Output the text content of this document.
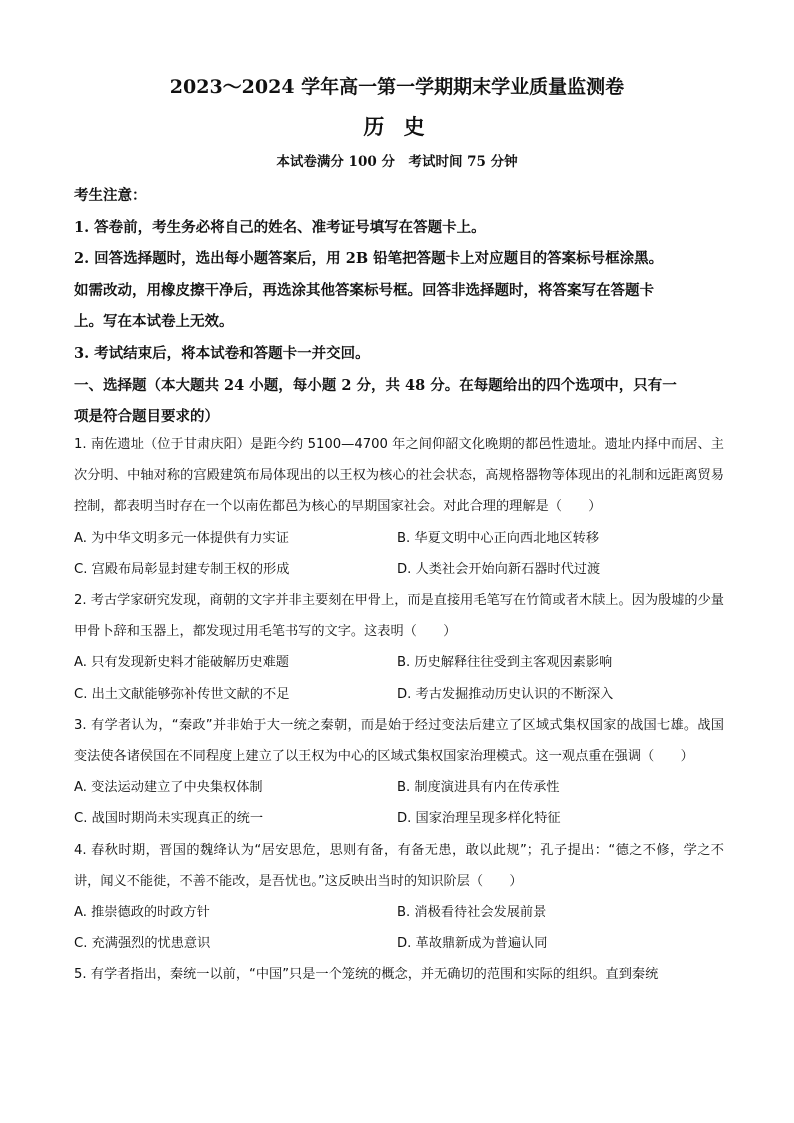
2023～2024 学年高一第一学期期末学业质量监测卷
历 史
本试卷满分 100 分　考试时间 75 分钟
考生注意：
1. 答卷前，考生务必将自己的姓名、准考证号填写在答题卡上。
2. 回答选择题时，选出每小题答案后，用 2B 铅笔把答题卡上对应题目的答案标号框涂黑。
如需改动，用橡皮擦干净后，再选涂其他答案标号框。回答非选择题时，将答案写在答题卡
上。写在本试卷上无效。
3. 考试结束后，将本试卷和答题卡一并交回。
一、选择题（本大题共 24 小题，每小题 2 分，共 48 分。在每题给出的四个选项中，只有一
项是符合题目要求的）

1. 南佐遗址（位于甘肃庆阳）是距今约 5100—4700 年之间仰韶文化晚期的都邑性遗址。遗址内择中而居、主次分明、中轴对称的宫殿建筑布局体现出的以王权为核心的社会状态，高规格器物等体现出的礼制和远距离贸易控制，都表明当时存在一个以南佐都邑为核心的早期国家社会。对此合理的理解是（　　）

A. 为中华文明多元一体提供有力实证	B. 华夏文明中心正向西北地区转移
C. 宫殿布局彰显封建专制王权的形成	D. 人类社会开始向新石器时代过渡

2. 考古学家研究发现，商朝的文字并非主要刻在甲骨上，而是直接用毛笔写在竹简或者木牍上。因为殷墟的少量甲骨卜辞和玉器上，都发现过用毛笔书写的文字。这表明（　　）

A. 只有发现新史料才能破解历史难题	B. 历史解释往往受到主客观因素影响
C. 出土文献能够弥补传世文献的不足	D. 考古发掘推动历史认识的不断深入

3. 有学者认为，“秦政”并非始于大一统之秦朝，而是始于经过变法后建立了区域式集权国家的战国七雄。战国变法使各诸侯国在不同程度上建立了以王权为中心的区域式集权国家治理模式。这一观点重在强调（　　）

A. 变法运动建立了中央集权体制	B. 制度演进具有内在传承性
C. 战国时期尚未实现真正的统一	D. 国家治理呈现多样化特征

4. 春秋时期，晋国的魏绛认为“居安思危，思则有备，有备无患，敢以此规”；孔子提出：“德之不修，学之不讲，闻义不能徙，不善不能改，是吾忧也。”这反映出当时的知识阶层（　　）

A. 推崇德政的时政方针	B. 消极看待社会发展前景
C. 充满强烈的忧患意识	D. 革故鼎新成为普遍认同

5. 有学者指出，秦统一以前，“中国”只是一个笼统的概念，并无确切的范围和实际的组织。直到秦统
